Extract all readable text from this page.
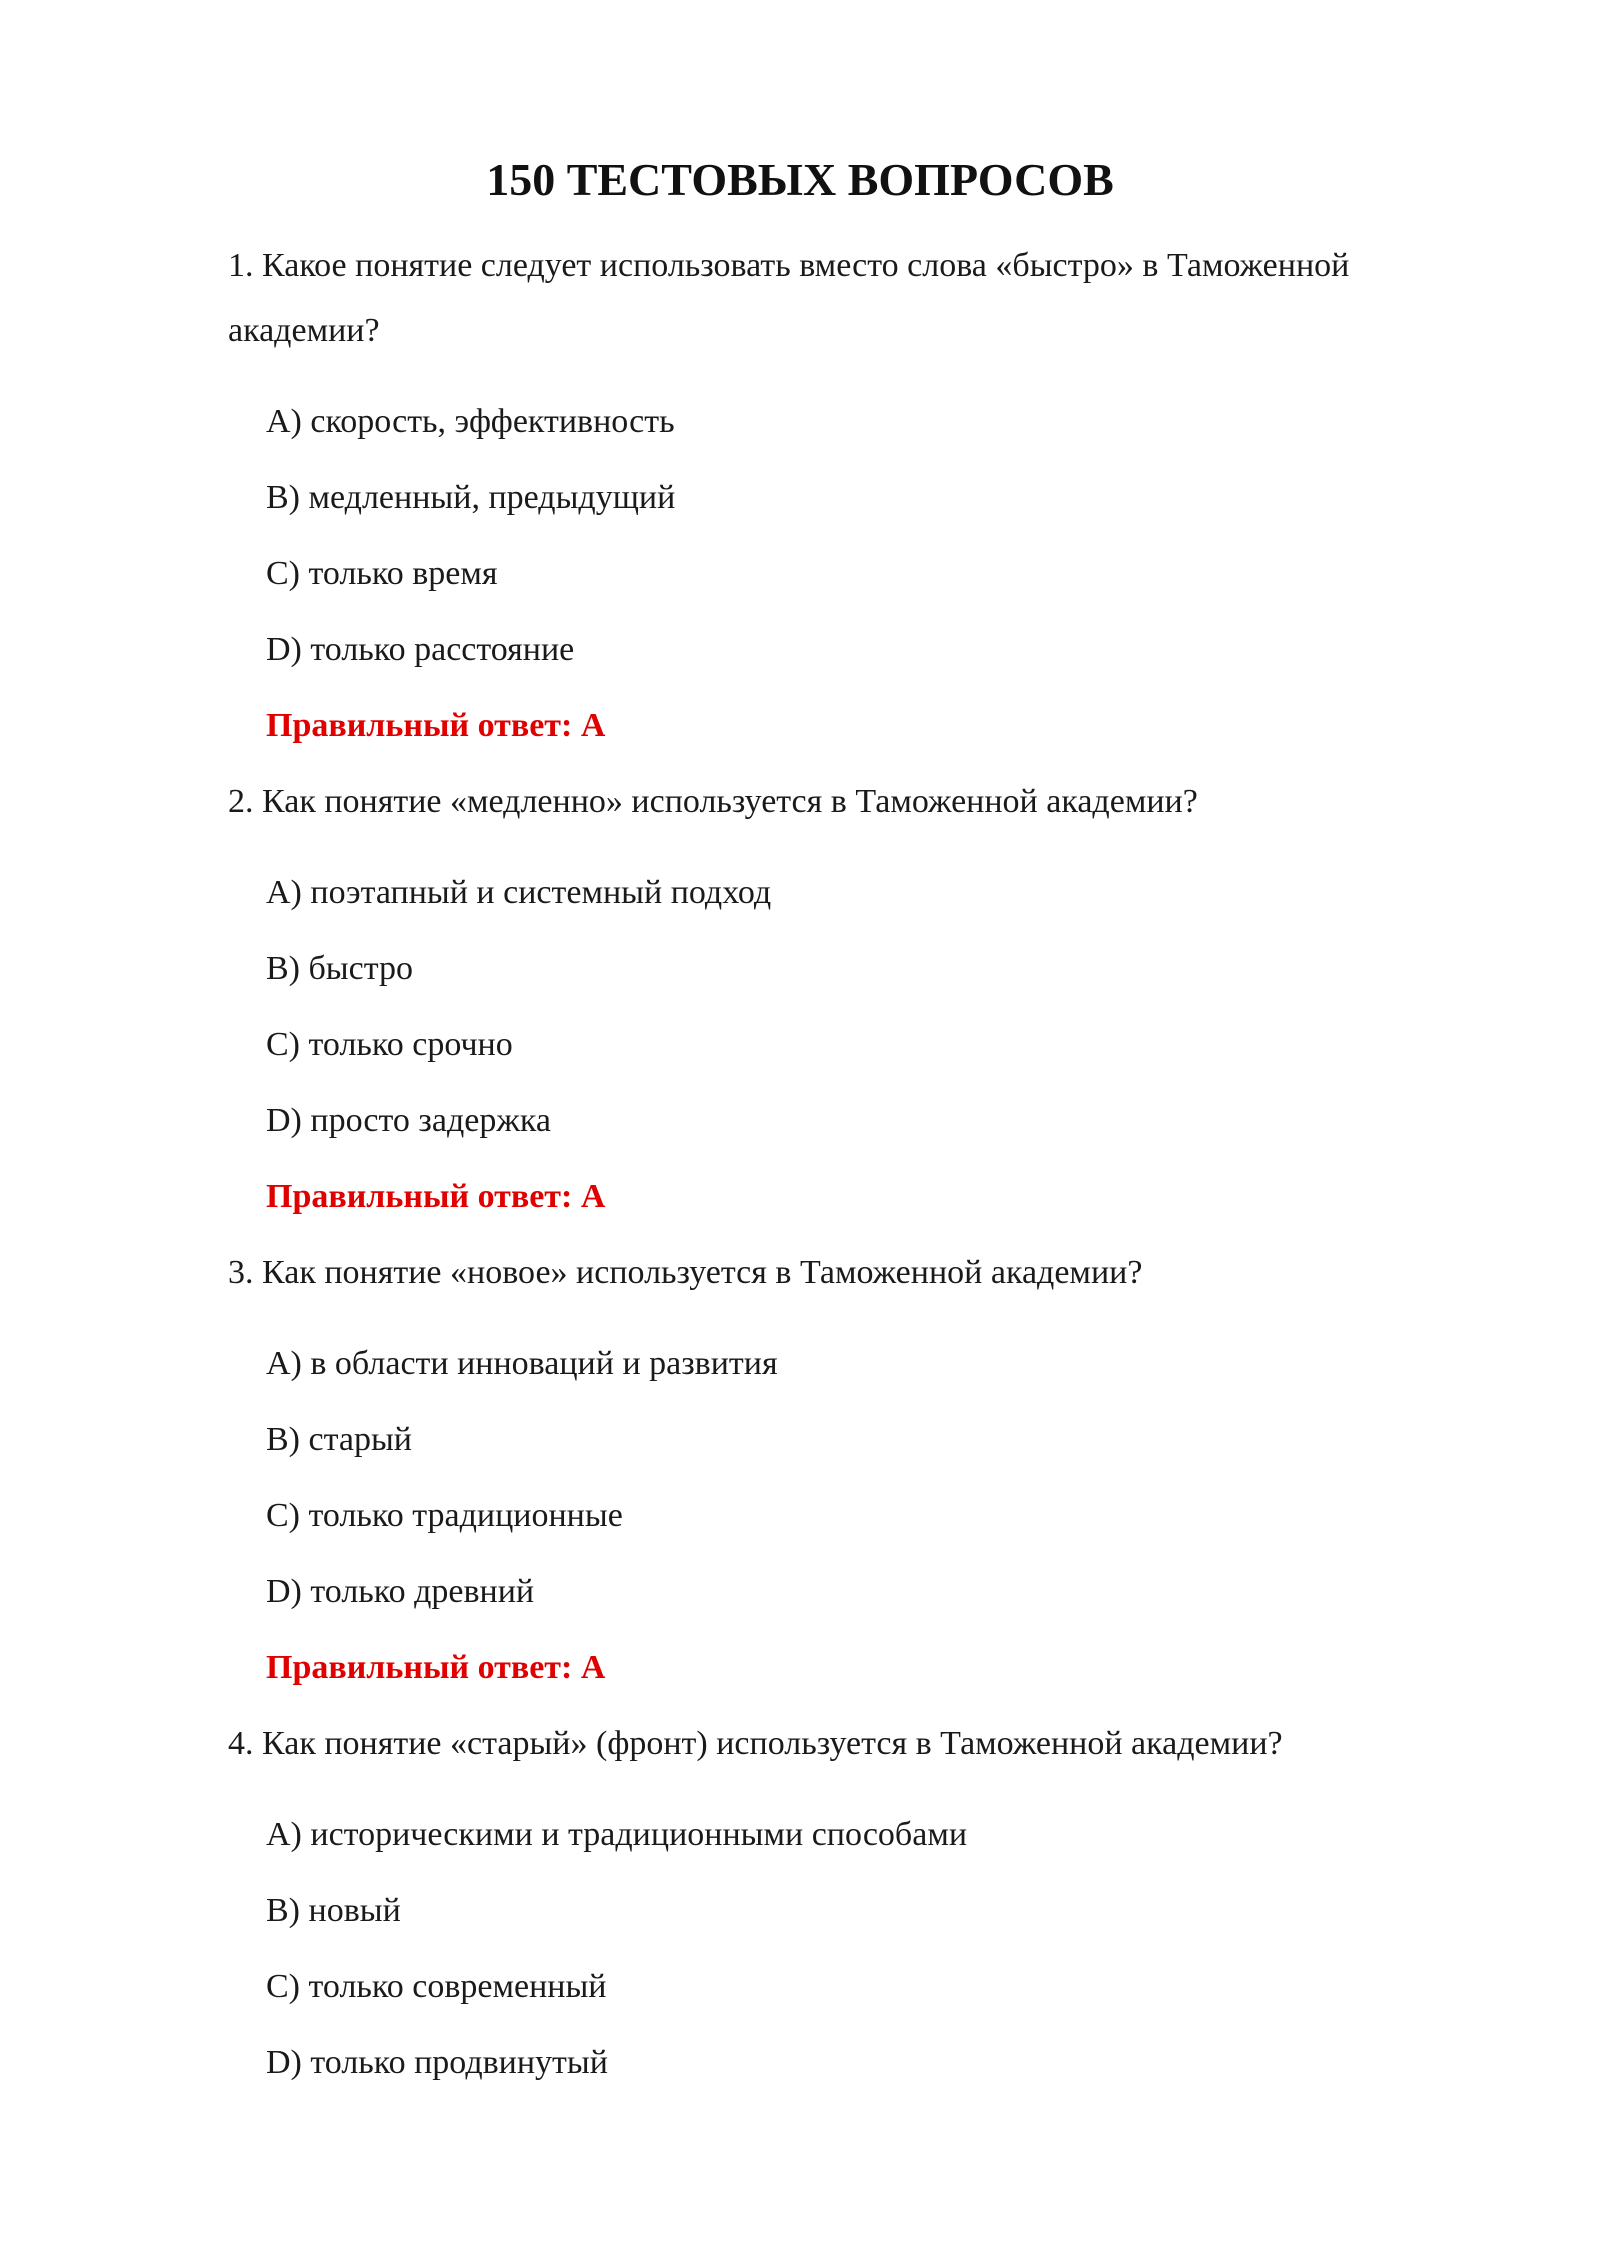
150 ТЕСТОВЫХ ВОПРОСОВ

1. Какое понятие следует использовать вместо слова «быстро» в Таможенной

академии?

A) скорость, эффективность

B) медленный, предыдущий

C) только время

D) только расстояние

Правильный ответ: A

2. Как понятие «медленно» используется в Таможенной академии?

A) поэтапный и системный подход

B) быстро

C) только срочно

D) просто задержка

Правильный ответ: A

3. Как понятие «новое» используется в Таможенной академии?

A) в области инноваций и развития

B) старый

C) только традиционные

D) только древний

Правильный ответ: A

4. Как понятие «старый» (фронт) используется в Таможенной академии?

A) историческими и традиционными способами

B) новый

C) только современный

D) только продвинутый
